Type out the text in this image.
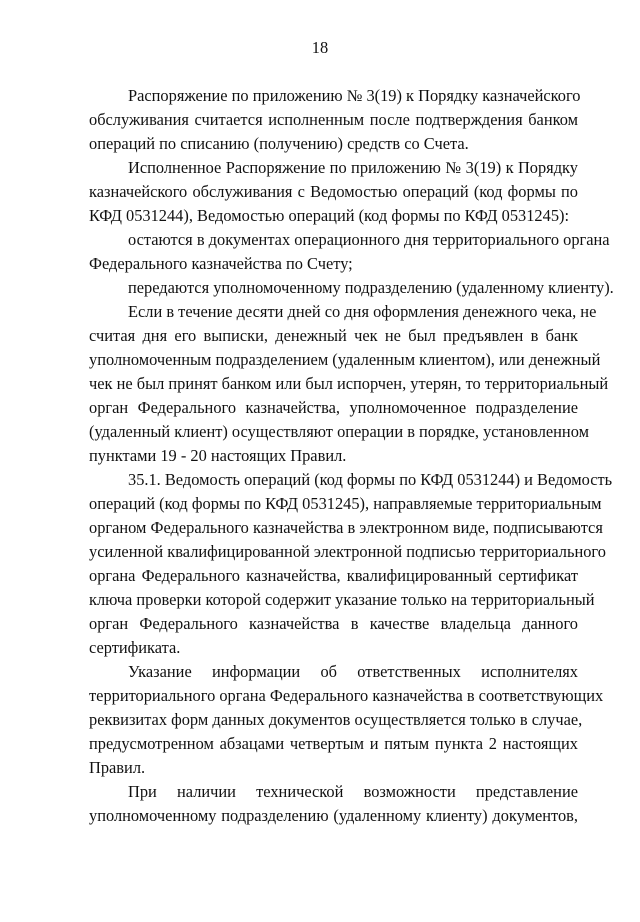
18
Распоряжение по приложению № 3(19) к Порядку казначейского
обслуживания считается исполненным после подтверждения банком
операций по списанию (получению) средств со Счета.
Исполненное Распоряжение по приложению № 3(19) к Порядку
казначейского обслуживания с Ведомостью операций (код формы по
КФД 0531244), Ведомостью операций (код формы по КФД 0531245):
остаются в документах операционного дня территориального органа
Федерального казначейства по Счету;
передаются уполномоченному подразделению (удаленному клиенту).
Если в течение десяти дней со дня оформления денежного чека, не
считая дня его выписки, денежный чек не был предъявлен в банк
уполномоченным подразделением (удаленным клиентом), или денежный
чек не был принят банком или был испорчен, утерян, то территориальный
орган Федерального казначейства, уполномоченное подразделение
(удаленный клиент) осуществляют операции в порядке, установленном
пунктами 19 - 20 настоящих Правил.
35.1. Ведомость операций (код формы по КФД 0531244) и Ведомость
операций (код формы по КФД 0531245), направляемые территориальным
органом Федерального казначейства в электронном виде, подписываются
усиленной квалифицированной электронной подписью территориального
органа Федерального казначейства, квалифицированный сертификат
ключа проверки которой содержит указание только на территориальный
орган Федерального казначейства в качестве владельца данного
сертификата.
Указание информации об ответственных исполнителях
территориального органа Федерального казначейства в соответствующих
реквизитах форм данных документов осуществляется только в случае,
предусмотренном абзацами четвертым и пятым пункта 2 настоящих
Правил.
При наличии технической возможности представление
уполномоченному подразделению (удаленному клиенту) документов,
